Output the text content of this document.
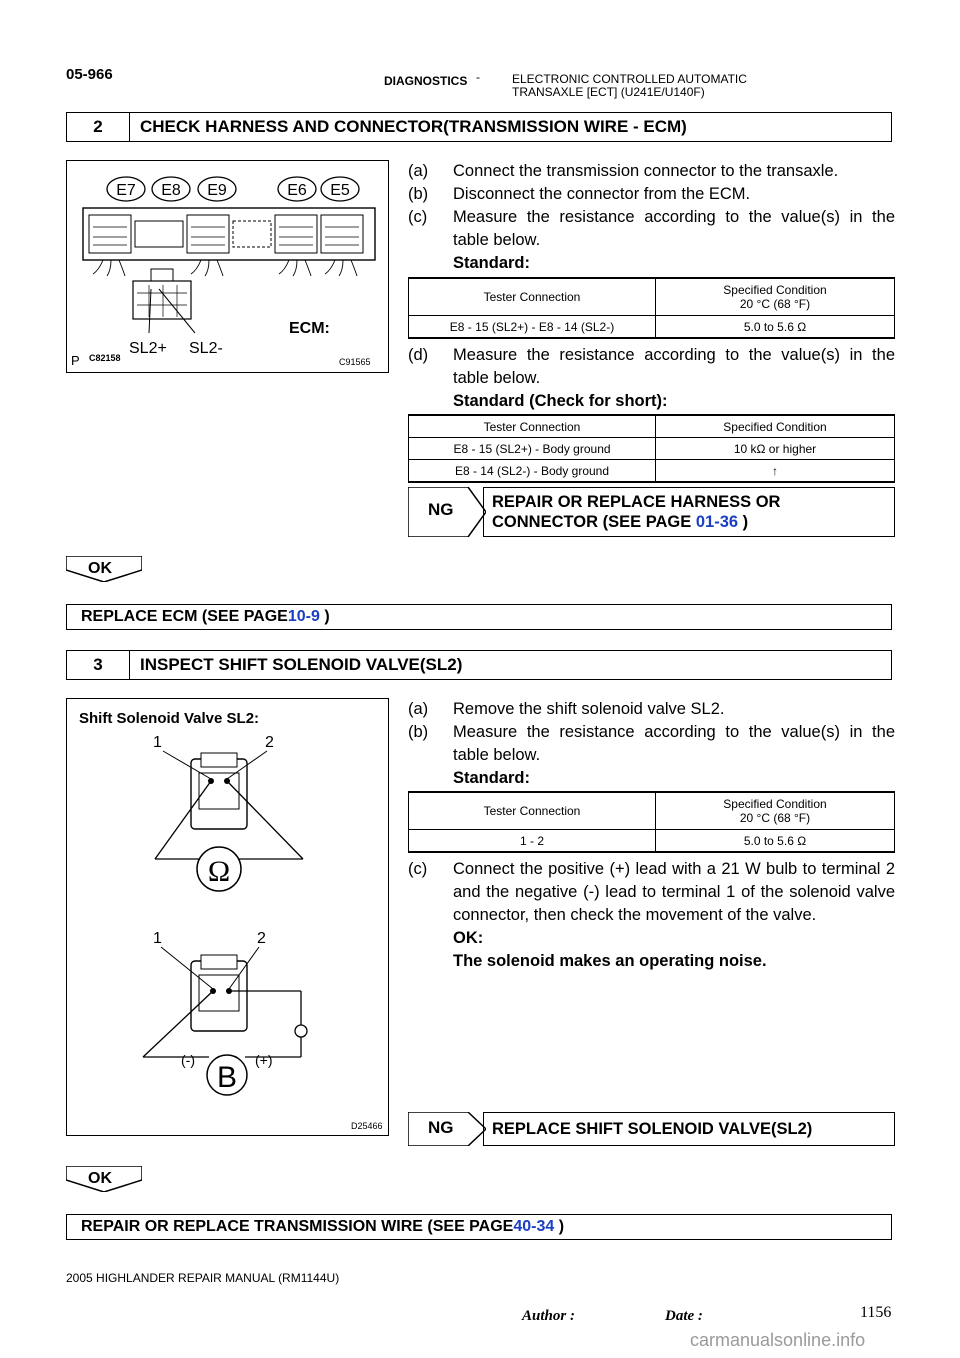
05-966	DIAGNOSTICS -	ELECTRONIC CONTROLLED AUTOMATIC
TRANSAXLE [ECT] (U241E/U140F)
2	CHECK HARNESS AND CONNECTOR(TRANSMISSION WIRE - ECM)
E7 E8 E9	E6 E5
SL2+ SL2-
ECM:
P C82158	C91565
(a) Connect the transmission connector to the transaxle.
(b) Disconnect the connector from the ECM.
(c) Measure the resistance according to the value(s) in the table below.
Standard:
Tester Connection	Specified Condition
20 °C (68 °F)

E8 - 15 (SL2+) - E8 - 14 (SL2-)	5.0 to 5.6 Ω
(d) Measure the resistance according to the value(s) in the table below.
Standard (Check for short):
Tester Connection	Specified Condition
E8 - 15 (SL2+) - Body ground	10 kΩ or higher
E8 - 14 (SL2-) - Body ground	↑
NG	REPAIR OR REPLACE HARNESS OR CONNECTOR (SEE PAGE 01-36 )
OK
REPLACE ECM (SEE PAGE 10-9 )
3	INSPECT SHIFT SOLENOID VALVE(SL2)
Shift Solenoid Valve SL2:
1	2
Ω
1	2
B
(-)	(+)
D25466
(a) Remove the shift solenoid valve SL2.
(b) Measure the resistance according to the value(s) in the table below.
Standard:
Tester Connection	Specified Condition
20 °C (68 °F)

1 - 2	5.0 to 5.6 Ω
(c) Connect the positive (+) lead with a 21 W bulb to terminal 2 and the negative (-) lead to terminal 1 of the solenoid valve connector, then check the movement of the valve.
OK:
The solenoid makes an operating noise.
NG	REPLACE SHIFT SOLENOID VALVE(SL2)
OK
REPAIR OR REPLACE TRANSMISSION WIRE (SEE PAGE 40-34 )
2005 HIGHLANDER REPAIR MANUAL (RM1144U)
Author :	Date :	1156
carmanualsonline.info
